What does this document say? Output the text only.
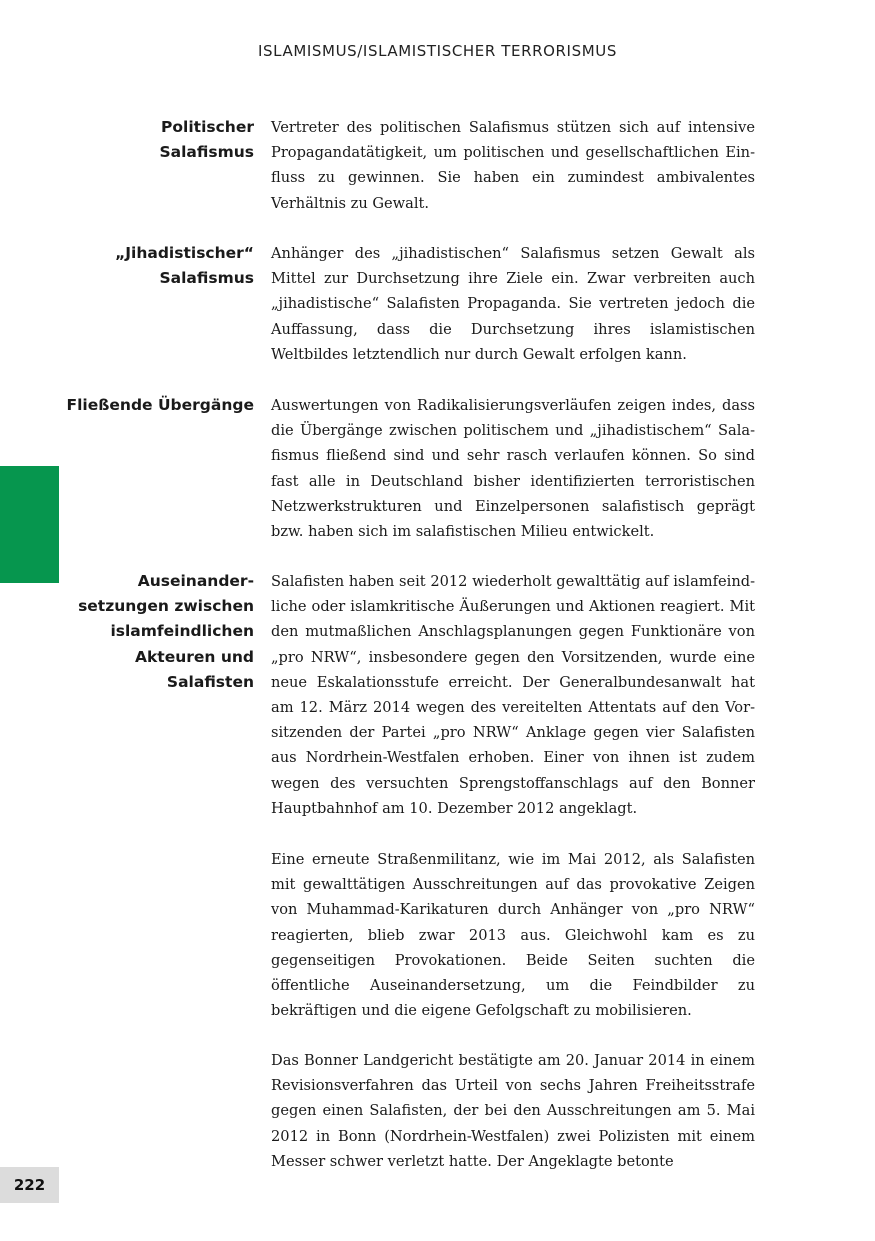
ISLAMISMUS/ISLAMISTISCHER TERRORISMUS
Politischer
Salafismus

Vertreter des politischen Salafismus stützen sich auf intensive Propagandatätigkeit, um politischen und gesellschaftlichen Einfluss zu gewinnen. Sie haben ein zumindest ambivalentes Verhältnis zu Gewalt.

„Jihadistischer“
Salafismus

Anhänger des „jihadistischen“ Salafismus setzen Gewalt als Mittel zur Durchsetzung ihre Ziele ein. Zwar verbreiten auch „jihadistische“ Salafisten Propaganda. Sie vertreten jedoch die Auffassung, dass die Durchsetzung ihres islamistischen Weltbildes letztendlich nur durch Gewalt erfolgen kann.

Fließende Übergänge Auswertungen von Radikalisierungsverläufen zeigen indes, dass die Übergänge zwischen politischem und „jihadistischem“ Salafismus fließend sind und sehr rasch verlaufen können. So sind fast alle in Deutschland bisher identifizierten terroristischen Netzwerkstrukturen und Einzelpersonen salafistisch geprägt bzw. haben sich im salafistischen Milieu entwickelt.

Auseinander-
setzungen zwischen
islamfeindlichen
Akteuren und
Salafisten

Salafisten haben seit 2012 wiederholt gewalttätig auf islamfeindliche oder islamkritische Äußerungen und Aktionen reagiert. Mit den mutmaßlichen Anschlagsplanungen gegen Funktionäre von „pro NRW“, insbesondere gegen den Vorsitzenden, wurde eine neue Eskalationsstufe erreicht. Der Generalbundesanwalt hat am 12. März 2014 wegen des vereitelten Attentats auf den Vorsitzenden der Partei „pro NRW“ Anklage gegen vier Salafisten aus Nordrhein-Westfalen erhoben. Einer von ihnen ist zudem wegen des versuchten Sprengstoffanschlags auf den Bonner Hauptbahnhof am 10. Dezember 2012 angeklagt.

Eine erneute Straßenmilitanz, wie im Mai 2012, als Salafisten mit gewalttätigen Ausschreitungen auf das provokative Zeigen von Muhammad-Karikaturen durch Anhänger von „pro NRW“ reagierten, blieb zwar 2013 aus. Gleichwohl kam es zu gegenseitigen Provokationen. Beide Seiten suchten die öffentliche Auseinandersetzung, um die Feindbilder zu bekräftigen und die eigene Gefolgschaft zu mobilisieren.

Das Bonner Landgericht bestätigte am 20. Januar 2014 in einem Revisionsverfahren das Urteil von sechs Jahren Freiheitsstrafe gegen einen Salafisten, der bei den Ausschreitungen am 5. Mai 2012 in Bonn (Nordrhein-Westfalen) zwei Polizisten mit einem Messer schwer verletzt hatte. Der Angeklagte betonte

222
